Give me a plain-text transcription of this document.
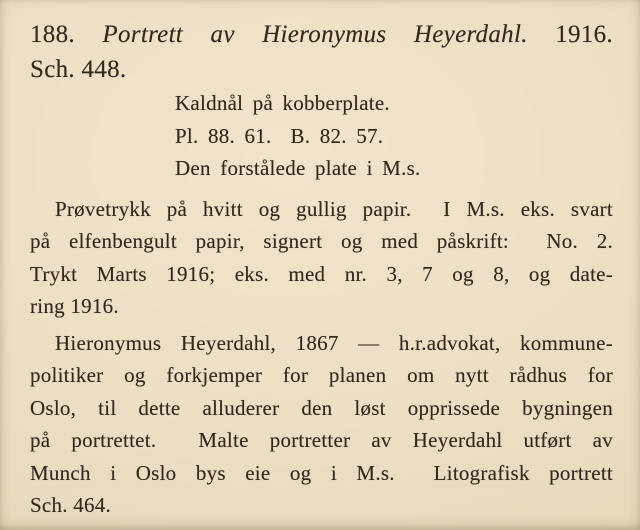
188. Portrett av Hieronymus Heyerdahl. 1916.
Sch. 448.
Kaldnål på kobberplate.
Pl. 88. 61.  B. 82. 57.
Den forstålede plate i M.s.
Prøvetrykk på hvitt og gullig papir.  I M.s. eks. svart
på elfenbengult papir, signert og med påskrift:  No. 2.
Trykt Marts 1916; eks. med nr. 3, 7 og 8, og date-
ring 1916.
Hieronymus Heyerdahl, 1867 — h.r.advokat, kommune-
politiker og forkjemper for planen om nytt rådhus for
Oslo, til dette alluderer den løst opprissede bygningen
på portrettet.  Malte portretter av Heyerdahl utført av
Munch i Oslo bys eie og i M.s.  Litografisk portrett
Sch. 464.
